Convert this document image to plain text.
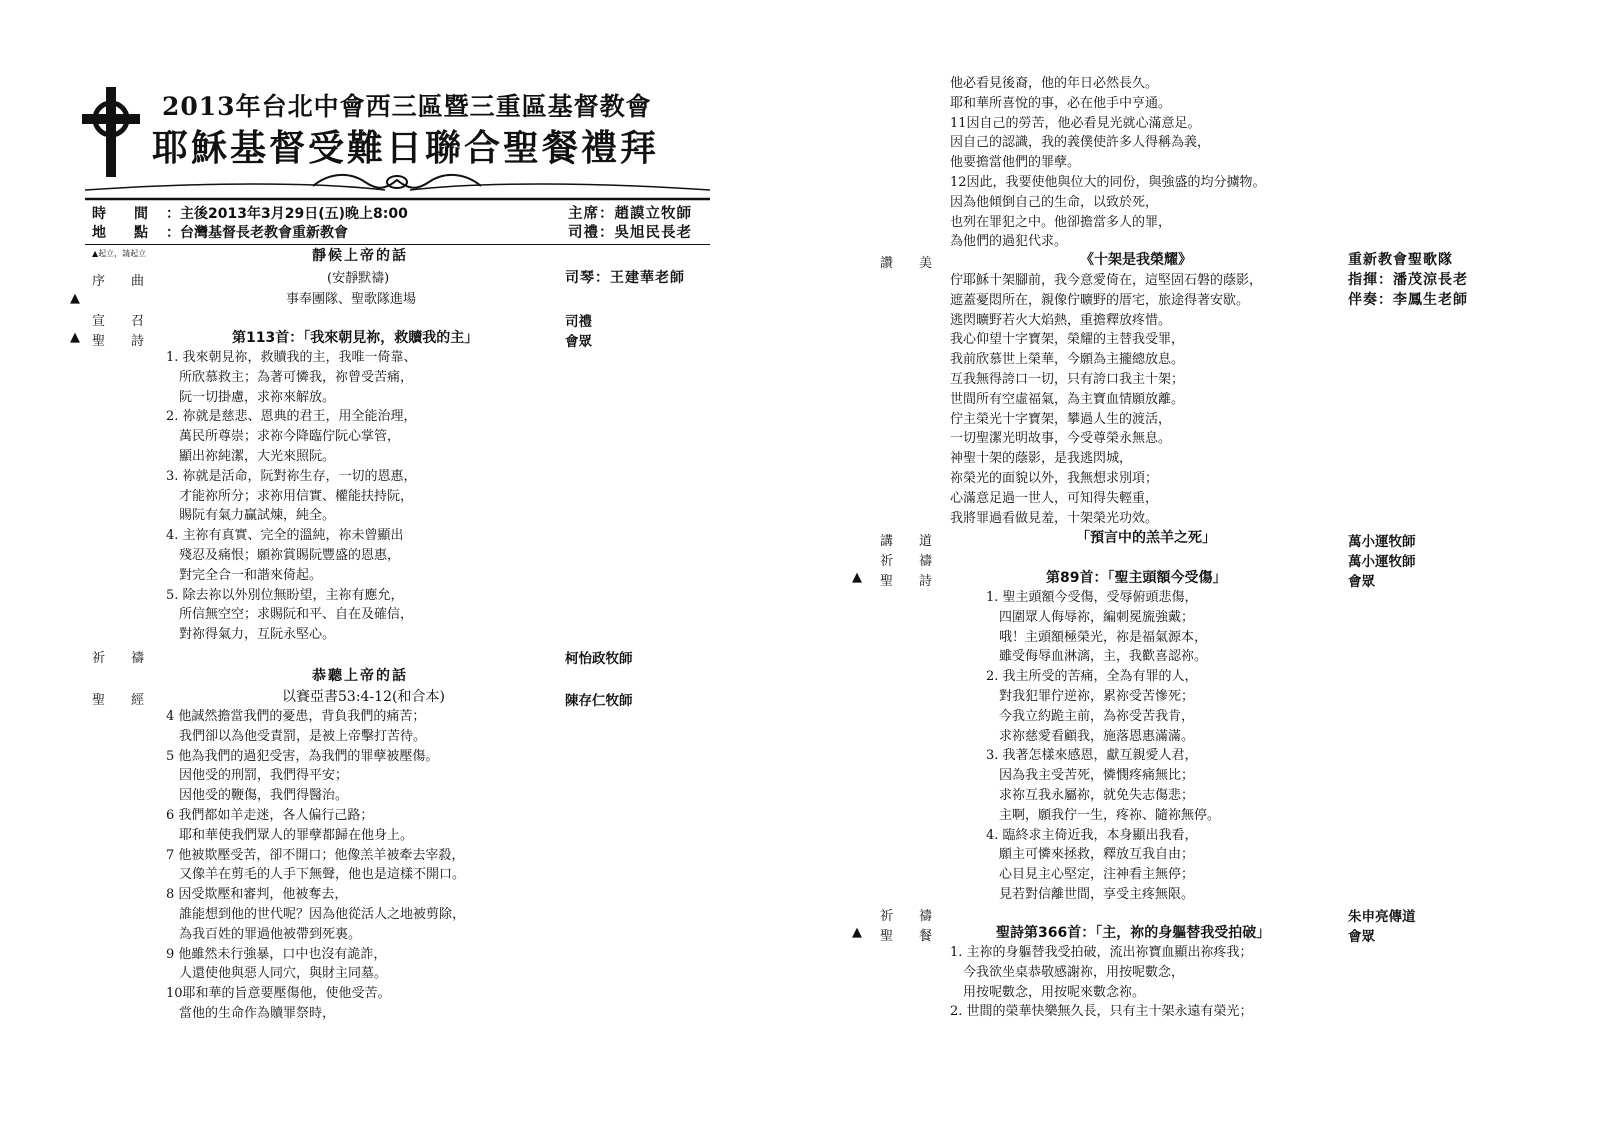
2013年台北中會西三區暨三重區基督教會
耶穌基督受難日聯合聖餐禮拜
時　　間 ：主後2013年3月29日(五)晚上8:00	主席：趙謨立牧師
地　　點 ：台灣基督長老教會重新教會	司禮：吳旭民長老
▲起立，請起立	靜候上帝的話
序曲	(安靜默禱)	司琴：王建華老師
▲	事奉團隊、聖歌隊進場
宣召	司禮
▲ 聖詩	第113首：「我來朝見祢，救贖我的主」	會眾
1. 我來朝見祢，救贖我的主，我唯一倚靠、
　所欣慕救主；為著可憐我，祢曾受苦痛，
　阮一切掛慮，求祢來解放。
2. 祢就是慈悲、恩典的君王，用全能治理，
　萬民所尊崇；求祢今降臨佇阮心掌管，
　顯出祢純潔，大光來照阮。
3. 祢就是活命，阮對祢生存，一切的恩惠，
　才能祢所分；求祢用信實、權能扶持阮，
　賜阮有氣力贏試煉，純全。
4. 主祢有真實、完全的溫純，祢未曾顯出
　殘忍及痛恨；願祢賞賜阮豐盛的恩惠，
　對完全合一和諧來倚起。
5. 除去祢以外別位無盼望，主祢有應允，
　所信無空空；求賜阮和平、自在及確信，
　對祢得氣力，互阮永堅心。
祈禱	柯怡政牧師
恭聽上帝的話
聖經	以賽亞書53:4-12(和合本)	陳存仁牧師
4 他誠然擔當我們的憂患，背負我們的痛苦；
　我們卻以為他受責罰，是被上帝擊打苦待。
5 他為我們的過犯受害，為我們的罪孽被壓傷。
　因他受的刑罰，我們得平安；
　因他受的鞭傷，我們得醫治。
6 我們都如羊走迷，各人偏行己路；
　耶和華使我們眾人的罪孽都歸在他身上。
7 他被欺壓受苦，卻不開口；他像羔羊被牽去宰殺，
　又像羊在剪毛的人手下無聲，他也是這樣不開口。
8 因受欺壓和審判，他被奪去，
　誰能想到他的世代呢？因為他從活人之地被剪除，
　為我百姓的罪過他被帶到死裏。
9 他雖然未行強暴，口中也沒有詭詐，
　人還使他與惡人同穴，與財主同墓。
10耶和華的旨意要壓傷他，使他受苦。
　當他的生命作為贖罪祭時，
他必看見後裔，他的年日必然長久。
耶和華所喜悅的事，必在他手中亨通。
11因自己的勞苦，他必看見光就心滿意足。
因自己的認識，我的義僕使許多人得稱為義，
他要擔當他們的罪孽。
12因此，我要使他與位大的同份，與強盛的均分擄物。
因為他傾倒自己的生命，以致於死，
也列在罪犯之中。他卻擔當多人的罪，
為他們的過犯代求。
讚美	《十架是我榮耀》	重新教會聖歌隊
指揮：潘茂涼長老
伴奏：李鳳生老師
佇耶穌十架腳前，我今意愛倚在，這堅固石磐的蔭影，
遮蓋憂悶所在，親像佇曠野的厝宅，旅途得著安歇。
逃閃曠野若火大焰熱，重擔釋放疼惜。
我心仰望十字寶架，榮耀的主替我受罪，
我前欣慕世上榮華，今願為主攏總放息。
互我無得誇口一切，只有誇口我主十架；
世間所有空虛福氣，為主寶血情願放離。
佇主榮光十字寶架，攀過人生的渡活，
一切聖潔光明故事，今受尊榮永無息。
神聖十架的蔭影，是我逃閃城，
祢榮光的面貌以外，我無想求別項；
心滿意足過一世人，可知得失輕重，
我將罪過看做見羞，十架榮光功效。
講道	「預言中的羔羊之死」	萬小運牧師
祈禱	萬小運牧師
▲ 聖詩	第89首：「聖主頭額今受傷」	會眾
1. 聖主頭額今受傷，受辱俯頭悲傷，
　四圍眾人侮辱祢，編刺冕旒強戴；
　哦！主頭額極榮光，祢是福氣源本，
　雖受侮辱血淋漓，主，我歡喜認祢。
2. 我主所受的苦痛，全為有罪的人，
　對我犯罪佇逆祢，累祢受苦慘死；
　今我立約跪主前，為祢受苦我肯，
　求祢慈愛看顧我，施落恩惠滿滿。
3. 我著怎樣來感恩，獻互親愛人君，
　因為我主受苦死，憐憫疼痛無比；
　求祢互我永屬祢，就免失志傷悲；
　主啊，願我佇一生，疼祢、隨祢無停。
4. 臨終求主倚近我，本身顯出我看，
　願主可憐來拯救，釋放互我自由；
　心目見主心堅定，注神看主無停；
　見若對信離世間，享受主疼無限。
祈禱	朱申亮傳道
▲ 聖餐	聖詩第366首：「主，祢的身軀替我受拍破」	會眾
1. 主祢的身軀替我受拍破，流出祢寶血顯出祢疼我；
　今我欲坐桌恭敬感謝祢，用按呢數念，
　用按呢數念，用按呢來數念祢。
2. 世間的榮華快樂無久長，只有主十架永遠有榮光；
